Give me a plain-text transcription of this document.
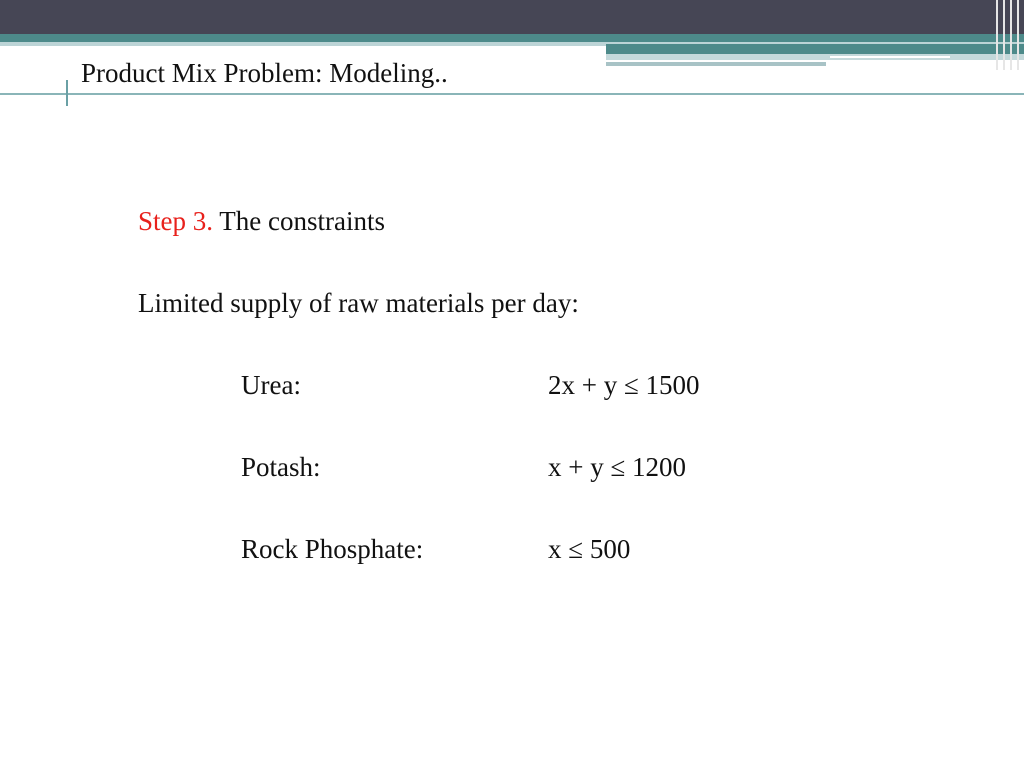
Product Mix Problem: Modeling..
Step 3. The constraints
Limited supply of raw materials per day:
Urea:	2x + y ≤ 1500
Potash:	x + y ≤ 1200
Rock Phosphate:	x ≤ 500
